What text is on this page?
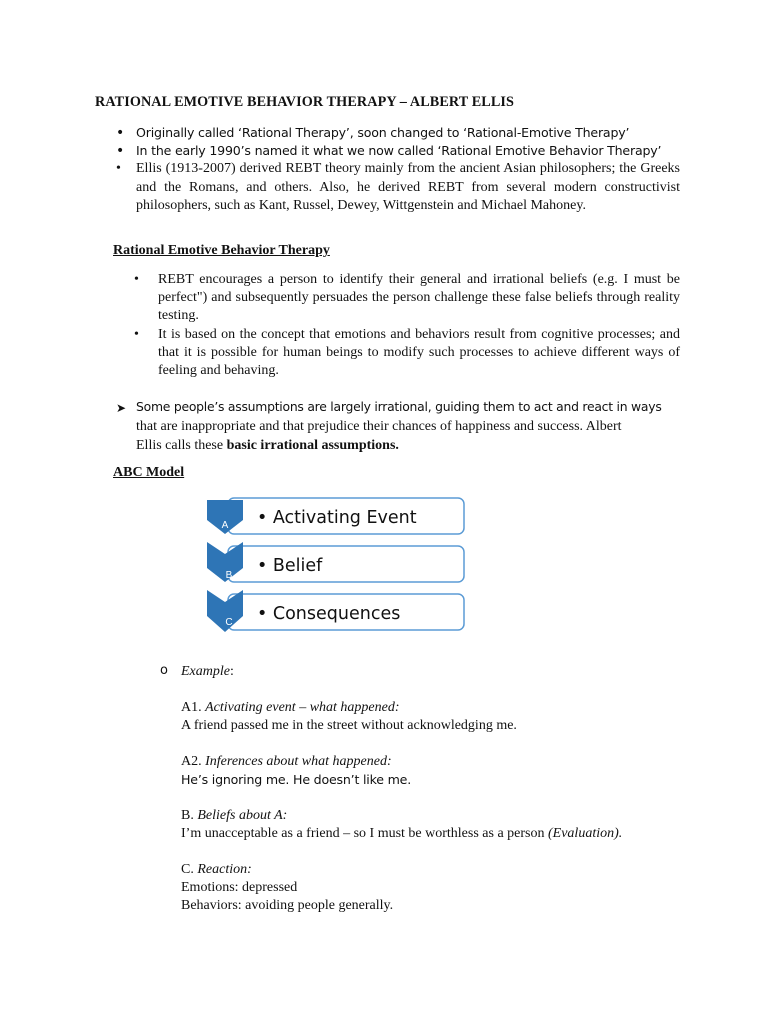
RATIONAL EMOTIVE BEHAVIOR THERAPY – ALBERT ELLIS
• Originally called ‘Rational Therapy’, soon changed to ‘Rational-Emotive Therapy’
• In the early 1990’s named it what we now called ‘Rational Emotive Behavior Therapy’
• Ellis (1913-2007) derived REBT theory mainly from the ancient Asian philosophers; the Greeks and the Romans, and others. Also, he derived REBT from several modern constructivist philosophers, such as Kant, Russel, Dewey, Wittgenstein and Michael Mahoney.
Rational Emotive Behavior Therapy
• REBT encourages a person to identify their general and irrational beliefs (e.g. I must be perfect") and subsequently persuades the person challenge these false beliefs through reality testing.
• It is based on the concept that emotions and behaviors result from cognitive processes; and that it is possible for human beings to modify such processes to achieve different ways of feeling and behaving.
➤ Some people’s assumptions are largely irrational, guiding them to act and react in ways
that are inappropriate and that prejudice their chances of happiness and success. Albert
Ellis calls these basic irrational assumptions.
ABC Model
A • Activating Event
B • Belief
C • Consequences
o Example:
A1. Activating event – what happened:
A friend passed me in the street without acknowledging me.
A2. Inferences about what happened:
He’s ignoring me. He doesn’t like me.
B. Beliefs about A:
I’m unacceptable as a friend – so I must be worthless as a person (Evaluation).
C. Reaction:
Emotions: depressed
Behaviors: avoiding people generally.
